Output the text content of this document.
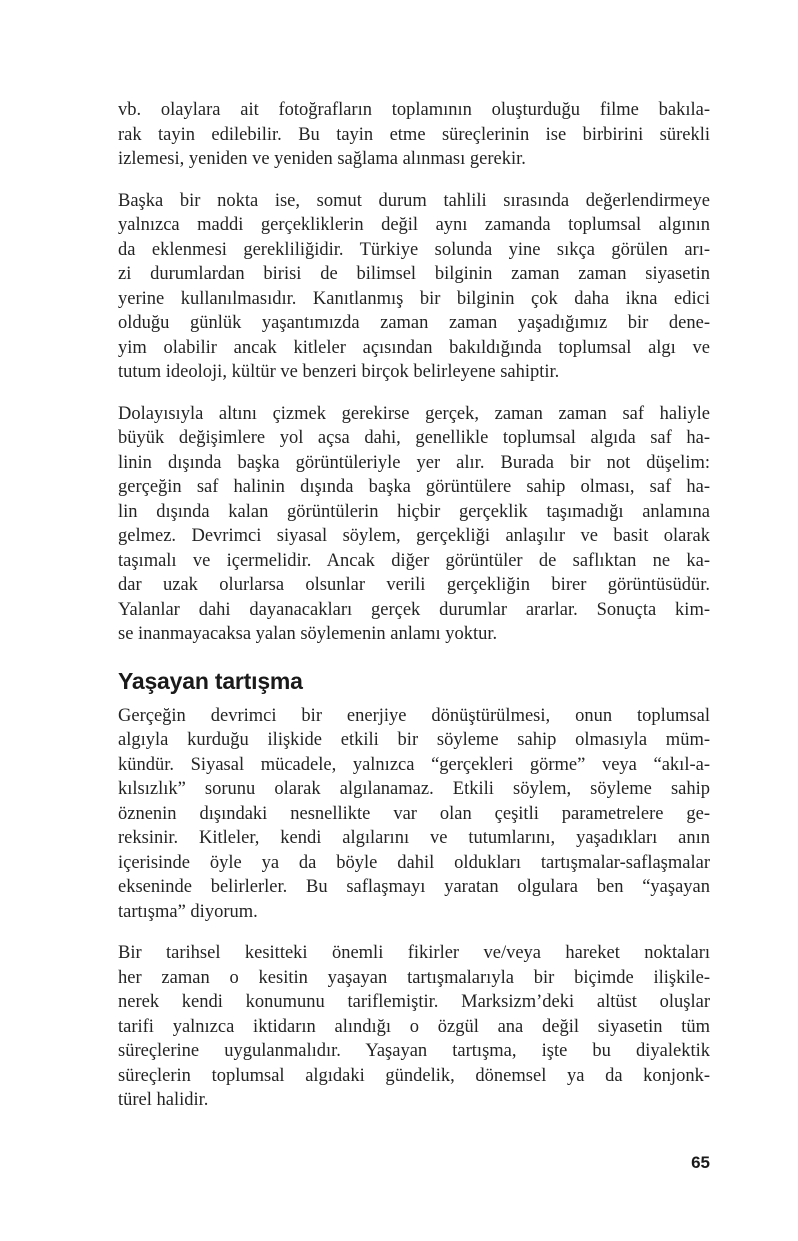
vb. olaylara ait fotoğrafların toplamının oluşturduğu filme bakıla-
rak tayin edilebilir. Bu tayin etme süreçlerinin ise birbirini sürekli
izlemesi, yeniden ve yeniden sağlama alınması gerekir.
Başka bir nokta ise, somut durum tahlili sırasında değerlendirmeye
yalnızca maddi gerçekliklerin değil aynı zamanda toplumsal algının
da eklenmesi gerekliliğidir. Türkiye solunda yine sıkça görülen arı-
zi durumlardan birisi de bilimsel bilginin zaman zaman siyasetin
yerine kullanılmasıdır. Kanıtlanmış bir bilginin çok daha ikna edici
olduğu günlük yaşantımızda zaman zaman yaşadığımız bir dene-
yim olabilir ancak kitleler açısından bakıldığında toplumsal algı ve
tutum ideoloji, kültür ve benzeri birçok belirleyene sahiptir.
Dolayısıyla altını çizmek gerekirse gerçek, zaman zaman saf haliyle
büyük değişimlere yol açsa dahi, genellikle toplumsal algıda saf ha-
linin dışında başka görüntüleriyle yer alır. Burada bir not düşelim:
gerçeğin saf halinin dışında başka görüntülere sahip olması, saf ha-
lin dışında kalan görüntülerin hiçbir gerçeklik taşımadığı anlamına
gelmez. Devrimci siyasal söylem, gerçekliği anlaşılır ve basit olarak
taşımalı ve içermelidir. Ancak diğer görüntüler de saflıktan ne ka-
dar uzak olurlarsa olsunlar verili gerçekliğin birer görüntüsüdür.
Yalanlar dahi dayanacakları gerçek durumlar ararlar. Sonuçta kim-
se inanmayacaksa yalan söylemenin anlamı yoktur.
Yaşayan tartışma
Gerçeğin devrimci bir enerjiye dönüştürülmesi, onun toplumsal
algıyla kurduğu ilişkide etkili bir söyleme sahip olmasıyla müm-
kündür. Siyasal mücadele, yalnızca “gerçekleri görme” veya “akıl-a-
kılsızlık” sorunu olarak algılanamaz. Etkili söylem, söyleme sahip
öznenin dışındaki nesnellikte var olan çeşitli parametrelere ge-
reksinir. Kitleler, kendi algılarını ve tutumlarını, yaşadıkları anın
içerisinde öyle ya da böyle dahil oldukları tartışmalar-saflaşmalar
ekseninde belirlerler. Bu saflaşmayı yaratan olgulara ben “yaşayan
tartışma” diyorum.
Bir tarihsel kesitteki önemli fikirler ve/veya hareket noktaları
her zaman o kesitin yaşayan tartışmalarıyla bir biçimde ilişkile-
nerek kendi konumunu tariflemiştir. Marksizm’deki altüst oluşlar
tarifi yalnızca iktidarın alındığı o özgül ana değil siyasetin tüm
süreçlerine uygulanmalıdır. Yaşayan tartışma, işte bu diyalektik
süreçlerin toplumsal algıdaki gündelik, dönemsel ya da konjonk-
türel halidir.
65
